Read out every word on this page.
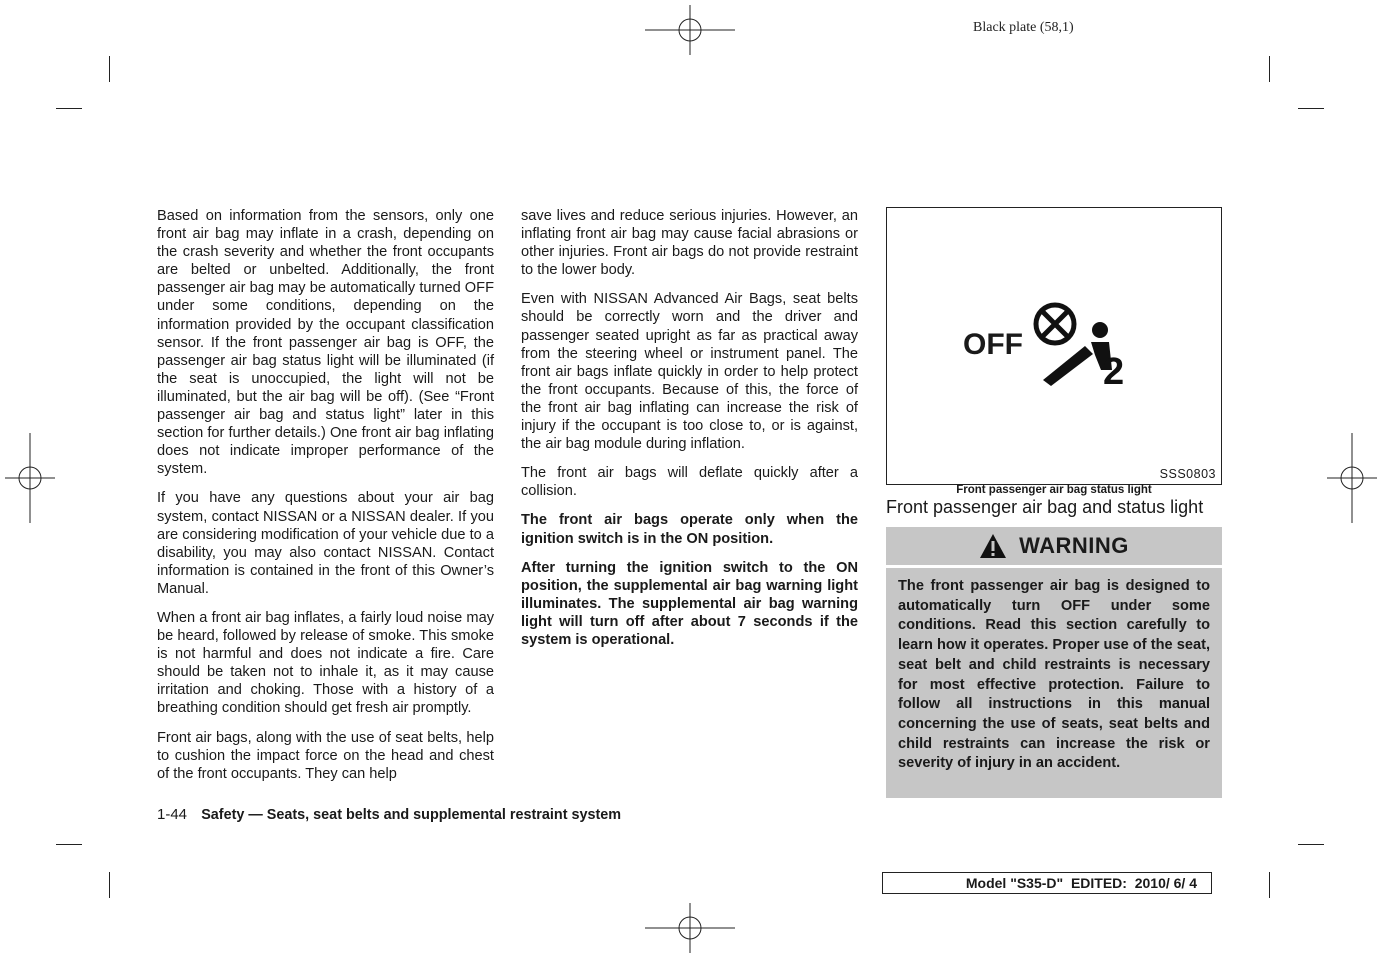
Black plate (58,1)

Based on information from the sensors, only one front air bag may inflate in a crash, depending on the crash severity and whether the front occupants are belted or unbelted. Additionally, the front passenger air bag may be automatically turned OFF under some conditions, depending on the information provided by the occupant classification sensor. If the front passenger air bag is OFF, the passenger air bag status light will be illuminated (if the seat is unoccupied, the light will not be illuminated, but the air bag will be off). (See “Front passenger air bag and status light” later in this section for further details.) One front air bag inflating does not indicate improper performance of the system.

If you have any questions about your air bag system, contact NISSAN or a NISSAN dealer. If you are considering modification of your vehicle due to a disability, you may also contact NISSAN. Contact information is contained in the front of this Owner’s Manual.

When a front air bag inflates, a fairly loud noise may be heard, followed by release of smoke. This smoke is not harmful and does not indicate a fire. Care should be taken not to inhale it, as it may cause irritation and choking. Those with a history of a breathing condition should get fresh air promptly.

Front air bags, along with the use of seat belts, help to cushion the impact force on the head and chest of the front occupants. They can help

save lives and reduce serious injuries. However, an inflating front air bag may cause facial abrasions or other injuries. Front air bags do not provide restraint to the lower body.

Even with NISSAN Advanced Air Bags, seat belts should be correctly worn and the driver and passenger seated upright as far as practical away from the steering wheel or instrument panel. The front air bags inflate quickly in order to help protect the front occupants. Because of this, the force of the front air bag inflating can increase the risk of injury if the occupant is too close to, or is against, the air bag module during inflation.

The front air bags will deflate quickly after a collision.

The front air bags operate only when the ignition switch is in the ON position.

After turning the ignition switch to the ON position, the supplemental air bag warning light illuminates. The supplemental air bag warning light will turn off after about 7 seconds if the system is operational.

OFF
2
SSS0803
Front passenger air bag status light
Front passenger air bag and status light
WARNING
The front passenger air bag is designed to automatically turn OFF under some conditions. Read this section carefully to learn how it operates. Proper use of the seat, seat belt and child restraints is necessary for most effective protection. Failure to follow all instructions in this manual concerning the use of seats, seat belts and child restraints can increase the risk or severity of injury in an accident.
1-44 Safety — Seats, seat belts and supplemental restraint system
Model "S35-D"  EDITED:  2010/ 6/ 4
